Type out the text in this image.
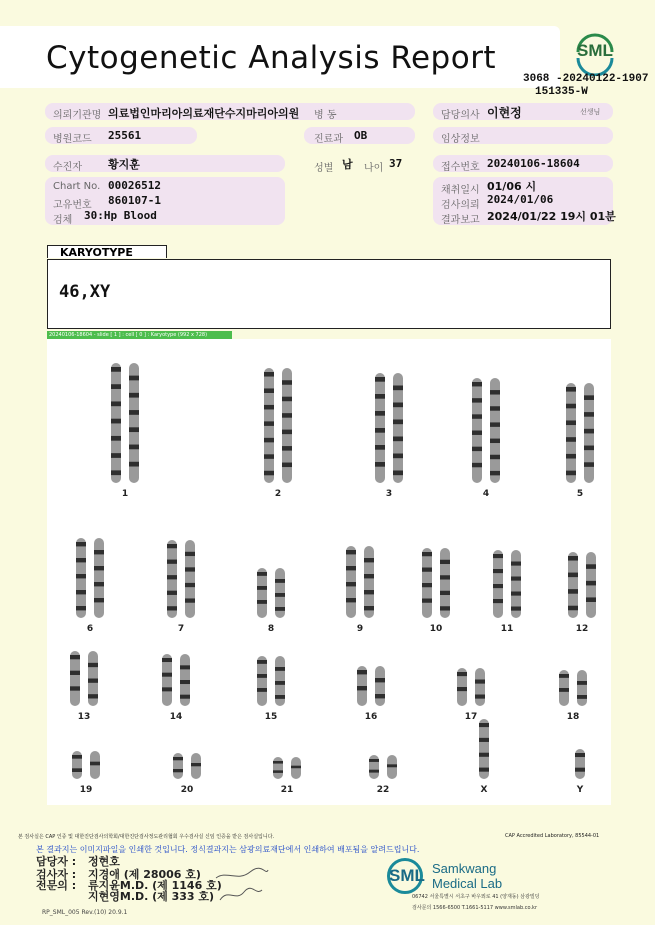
Cytogenetic Analysis Report	SML
3068 -20240122-1907
151335-W
의뢰기관명 의료법인마리아의료재단수지마리아의원 병 동	담당의사 이현정	선생님
병원코드 25561	진료과 OB	임상정보
수진자 황지훈	성별 남 나이 37	접수번호 20240106-18604
Chart No. 00026512
고유번호 860107-1
검체 30:Hp Blood
채취일시 01/06 시
검사의뢰 2024/01/06
결과보고 2024/01/22 19시 01분
KARYOTYPE
46,XY
20240106-18604 - slide [ 1 ] : cell [ 0 ] : Karyotype (992 x 728)
1	2	3	4	5
6	7	8	9	10	11	12
13	14	15	16	17	18
19	20	21	22	X	Y
본 검사실은 CAP 인증 및 대한진단검사의학회/대한진단검사정도관리협회 우수검사실 신임 인증을 받은 검사실입니다.	CAP Accredited Laboratory, 85544-01
본 결과지는 이미지파일을 인쇄한 것입니다. 정식결과지는 삼광의료재단에서 인쇄하여 배포됨을 알려드립니다.
담당자 : 정현호
검사자 : 지경애 (제 28006 호)
전문의 : 류지윤M.D. (제 1146 호)
지현영M.D. (제 333 호)
SML Samkwang
Medical Lab
06742 서울특별시 서초구 바우뫼로 41 (양재동) 삼광빌딩
검사문의 1566-6500 T.1661-5117 www.smlab.co.kr
RP_SML_005 Rev.(10) 20.9.1
